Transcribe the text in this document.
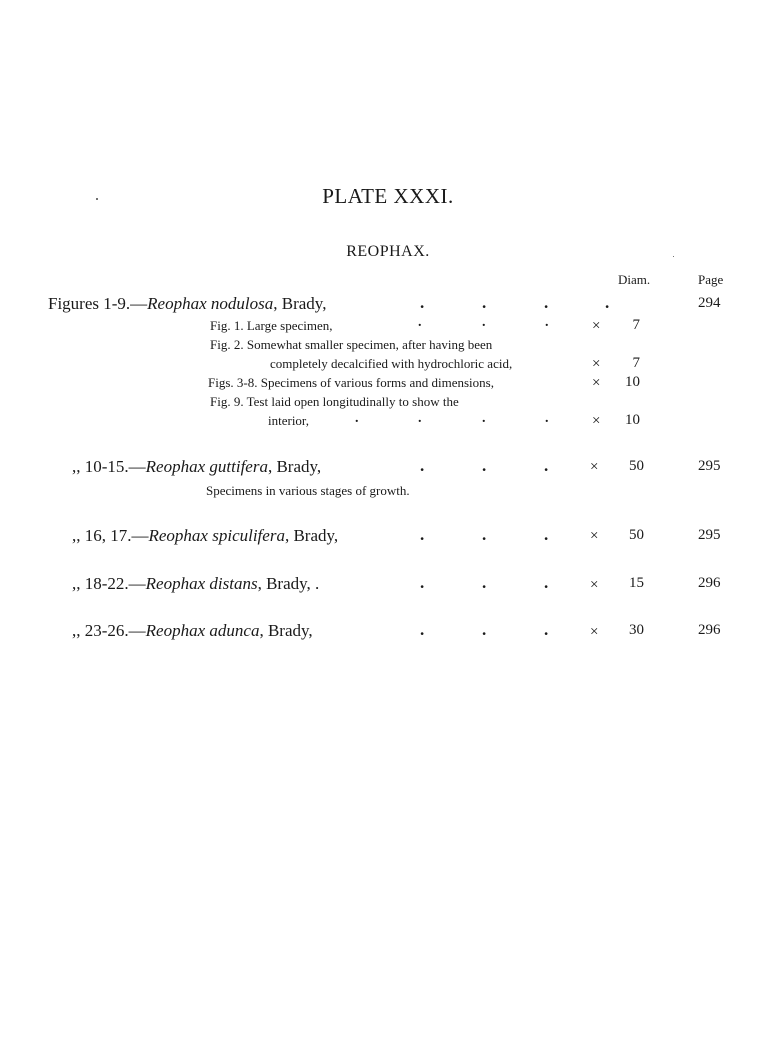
PLATE XXXI.
REOPHAX.
Diam.	Page
Figures 1-9.—Reophax nodulosa, Brady,	.	.	.	.	294
Fig. 1. Large specimen,	.	.	.	×	7
Fig. 2. Somewhat smaller specimen, after having been
completely decalcified with hydrochloric acid,	×	7
Figs. 3-8. Specimens of various forms and dimensions,	×	10
Fig. 9. Test laid open longitudinally to show the
interior,	.	.	.	.	×	10
,, 10-15.—Reophax guttifera, Brady,	.	.	.	×	50	295
Specimens in various stages of growth.
,, 16, 17.—Reophax spiculifera, Brady,	.	.	.	×	50	295
,, 18-22.—Reophax distans, Brady, .	.	.	.	×	15	296
,, 23-26.—Reophax adunca, Brady,	.	.	.	×	30	296
